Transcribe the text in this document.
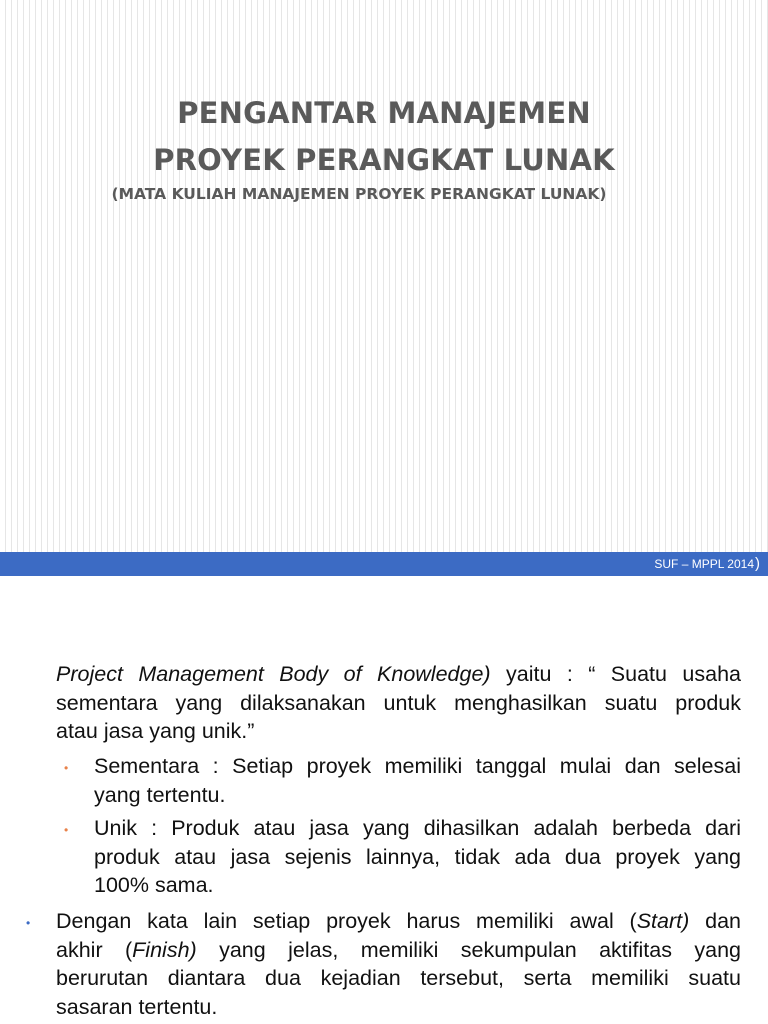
PENGANTAR MANAJEMEN
PROYEK PERANGKAT LUNAK
(MATA KULIAH MANAJEMEN PROYEK PERANGKAT LUNAK)
SUF – MPPL 2014)
Project Management Body of Knowledge) yaitu : “ Suatu usaha
sementara yang dilaksanakan untuk menghasilkan suatu produk
atau jasa yang unik.”
• Sementara : Setiap proyek memiliki tanggal mulai dan selesai
yang tertentu.
• Unik : Produk atau jasa yang dihasilkan adalah berbeda dari
produk atau jasa sejenis lainnya, tidak ada dua proyek yang
100% sama.
• Dengan kata lain setiap proyek harus memiliki awal (Start) dan
akhir (Finish) yang jelas, memiliki sekumpulan aktifitas yang
berurutan diantara dua kejadian tersebut, serta memiliki suatu
sasaran tertentu.
